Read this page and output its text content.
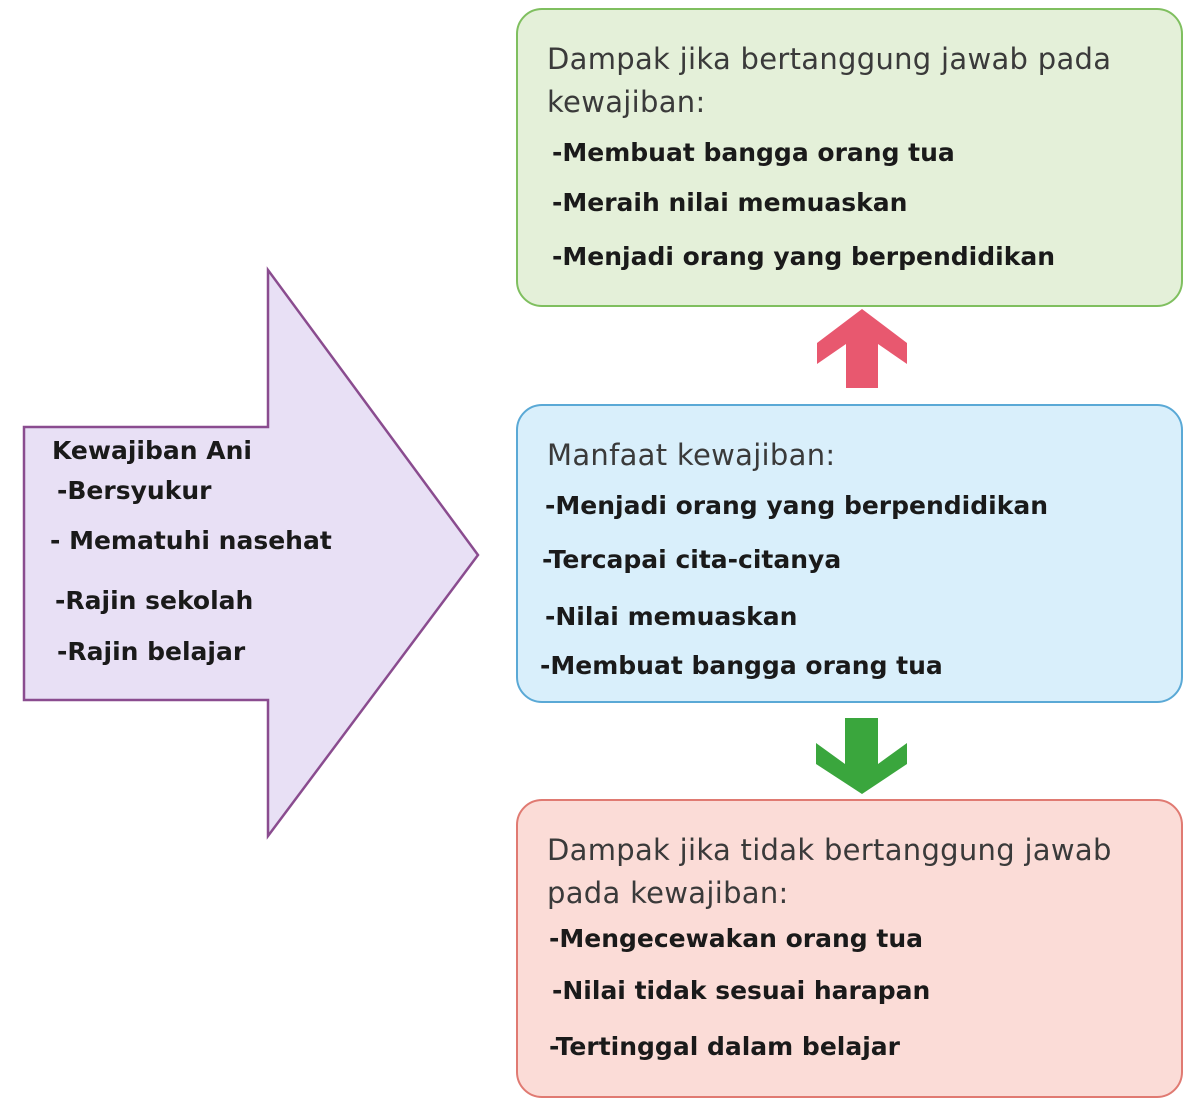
Kewajiban Ani
-Bersyukur
- Mematuhi nasehat
-Rajin sekolah
-Rajin belajar
Dampak jika bertanggung jawab pada
kewajiban:
-Membuat bangga orang tua
-Meraih nilai memuaskan
-Menjadi orang yang berpendidikan
Manfaat kewajiban:
-Menjadi orang yang berpendidikan
-Tercapai cita-citanya
-Nilai memuaskan
-Membuat bangga orang tua
Dampak jika tidak bertanggung jawab
pada kewajiban:
-Mengecewakan orang tua
-Nilai tidak sesuai harapan
-Tertinggal dalam belajar
